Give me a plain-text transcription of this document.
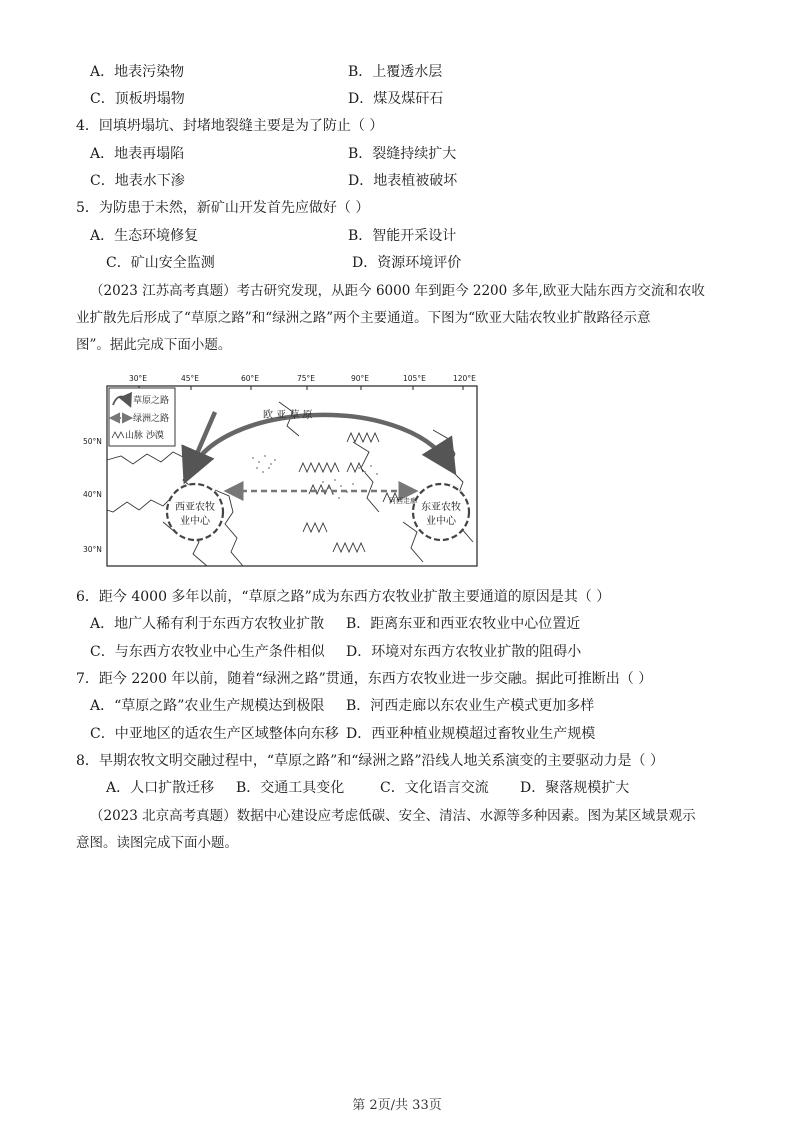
A．地表污染物	B．上覆透水层
C．顶板坍塌物	D．煤及煤矸石
4．回填坍塌坑、封堵地裂缝主要是为了防止（ ）
A．地表再塌陷	B．裂缝持续扩大
C．地表水下渗	D．地表植被破坏
5．为防患于未然，新矿山开发首先应做好（ ）
A．生态环境修复	B．智能开采设计
C．矿山安全监测	D．资源环境评价
（2023 江苏高考真题）考古研究发现，从距今 6000 年到距今 2200 多年,欧亚大陆东西方交流和农收
业扩散先后形成了“草原之路”和“绿洲之路”两个主要通道。下图为“欧亚大陆农牧业扩散路径示意
图”。据此完成下面小题。
30°E	45°E	60°E	75°E	90°E	105°E	120°E
西亚农牧
业中心
东亚农牧
业中心
欧 亚 草 原
河西走廊
草原之路
绿洲之路
山脉 沙漠
50°N
40°N
30°N
6．距今 4000 多年以前，“草原之路”成为东西方农牧业扩散主要通道的原因是其（ ）
A．地广人稀有利于东西方农牧业扩散 B．距离东亚和西亚农牧业中心位置近
C．与东西方农牧业中心生产条件相似 D．环境对东西方农牧业扩散的阻碍小
7．距今 2200 年以前，随着“绿洲之路”贯通，东西方农牧业进一步交融。据此可推断出（ ）
A．“草原之路”农业生产规模达到极限 B．河西走廊以东农业生产模式更加多样
C．中亚地区的适农生产区域整体向东移 D．西亚种植业规模超过畜牧业生产规模
8．早期农牧文明交融过程中，“草原之路”和“绿洲之路”沿线人地关系演变的主要驱动力是（ ）
A．人口扩散迁移 B．交通工具变化	C．文化语言交流 D．聚落规模扩大
（2023 北京高考真题）数据中心建设应考虑低碳、安全、清洁、水源等多种因素。图为某区域景观示
意图。读图完成下面小题。
第 2页/共 33页
